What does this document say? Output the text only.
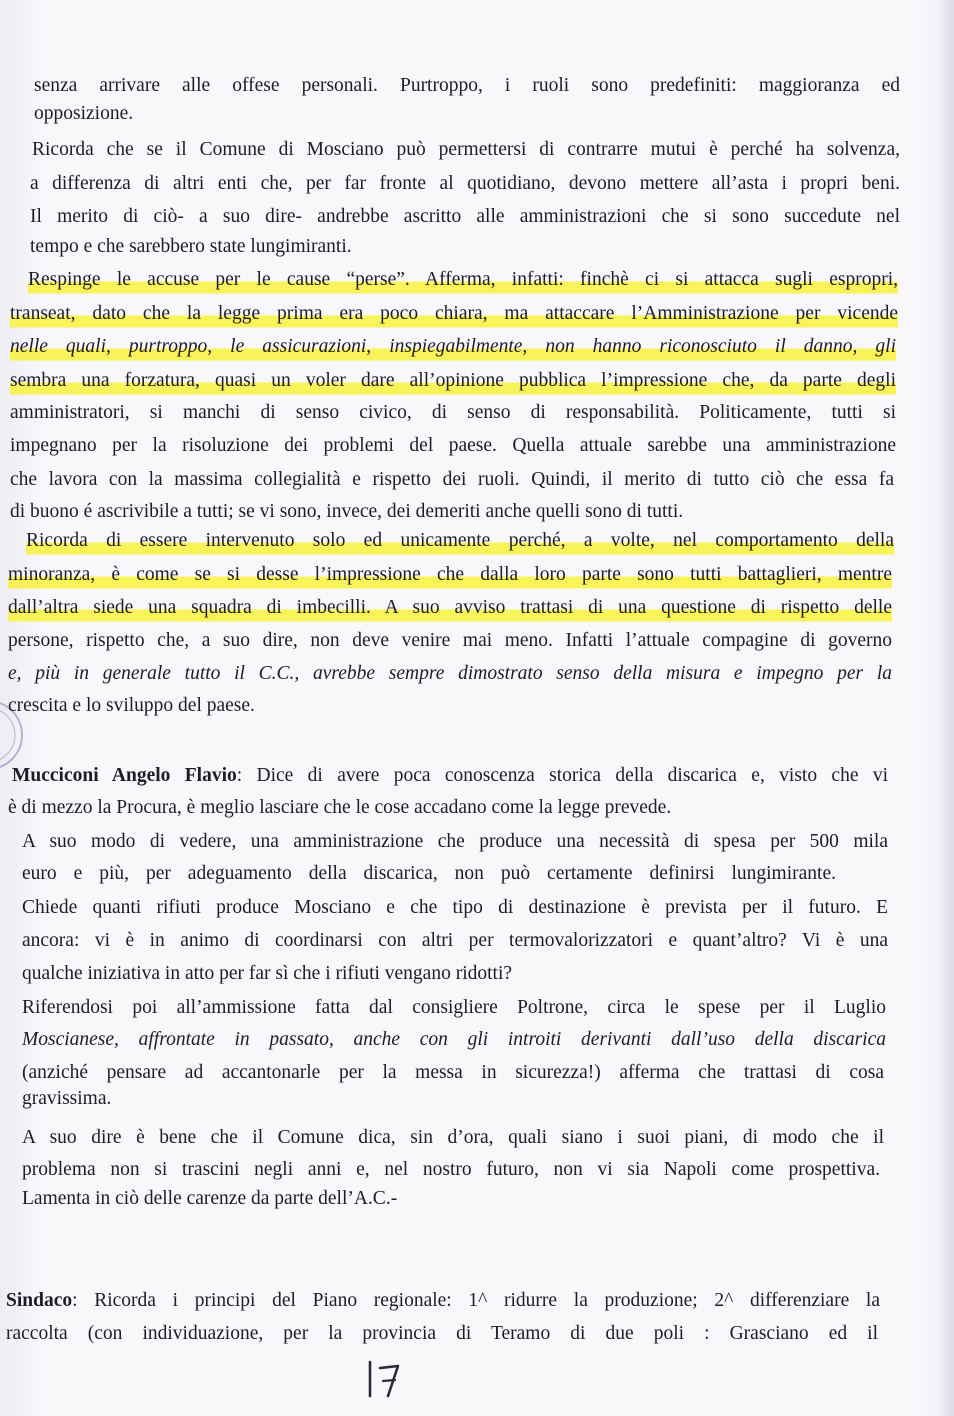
senza arrivare alle offese personali. Purtroppo, i ruoli sono predefiniti: maggioranza ed
opposizione.
Ricorda che se il Comune di Mosciano può permettersi di contrarre mutui è perché ha solvenza,
a differenza di altri enti che, per far fronte al quotidiano, devono mettere all’asta i propri beni.
Il merito di ciò- a suo dire- andrebbe ascritto alle amministrazioni che si sono succedute nel
tempo e che sarebbero state lungimiranti.
Respinge le accuse per le cause “perse”. Afferma, infatti: finchè ci si attacca sugli espropri,
transeat, dato che la legge prima era poco chiara, ma attaccare l’Amministrazione per vicende
nelle quali, purtroppo, le assicurazioni, inspiegabilmente, non hanno riconosciuto il danno, gli
sembra una forzatura, quasi un voler dare all’opinione pubblica l’impressione che, da parte degli
amministratori, si manchi di senso civico, di senso di responsabilità. Politicamente, tutti si
impegnano per la risoluzione dei problemi del paese. Quella attuale sarebbe una amministrazione
che lavora con la massima collegialità e rispetto dei ruoli. Quindi, il merito di tutto ciò che essa fa
di buono é ascrivibile a tutti; se vi sono, invece, dei demeriti anche quelli sono di tutti.
Ricorda di essere intervenuto solo ed unicamente perché, a volte, nel comportamento della
minoranza, è come se si desse l’impressione che dalla loro parte sono tutti battaglieri, mentre
dall’altra siede una squadra di imbecilli. A suo avviso trattasi di una questione di rispetto delle
persone, rispetto che, a suo dire, non deve venire mai meno. Infatti l’attuale compagine di governo
e, più in generale tutto il C.C., avrebbe sempre dimostrato senso della misura e impegno per la
crescita e lo sviluppo del paese.
Mucciconi Angelo Flavio: Dice di avere poca conoscenza storica della discarica e, visto che vi
è di mezzo la Procura, è meglio lasciare che le cose accadano come la legge prevede.
A suo modo di vedere, una amministrazione che produce una necessità di spesa per 500 mila
euro e più, per adeguamento della discarica, non può certamente definirsi lungimirante.
Chiede quanti rifiuti produce Mosciano e che tipo di destinazione è prevista per il futuro. E
ancora: vi è in animo di coordinarsi con altri per termovalorizzatori e quant’altro? Vi è una
qualche iniziativa in atto per far sì che i rifiuti vengano ridotti?
Riferendosi poi all’ammissione fatta dal consigliere Poltrone, circa le spese per il Luglio
Moscianese, affrontate in passato, anche con gli introiti derivanti dall’uso della discarica
(anziché pensare ad accantonarle per la messa in sicurezza!) afferma che trattasi di cosa
gravissima.
A suo dire è bene che il Comune dica, sin d’ora, quali siano i suoi piani, di modo che il
problema non si trascini negli anni e, nel nostro futuro, non vi sia Napoli come prospettiva.
Lamenta in ciò delle carenze da parte dell’A.C.-
Sindaco: Ricorda i principi del Piano regionale: 1^ ridurre la produzione; 2^ differenziare la
raccolta (con individuazione, per la provincia di Teramo di due poli : Grasciano ed il
